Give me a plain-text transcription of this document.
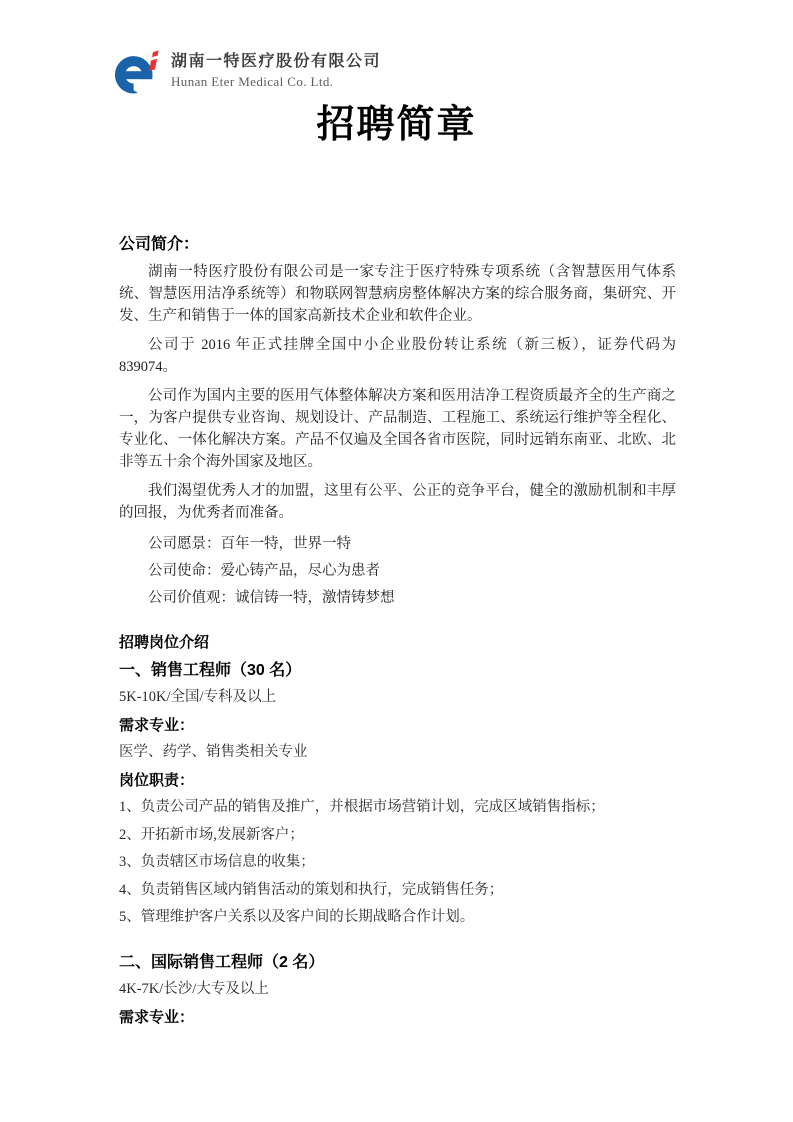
湖南一特医疗股份有限公司
Hunan Eter Medical Co. Ltd.
招聘简章
公司简介：

湖南一特医疗股份有限公司是一家专注于医疗特殊专项系统（含智慧医用气体系统、智慧医用洁净系统等）和物联网智慧病房整体解决方案的综合服务商，集研究、开发、生产和销售于一体的国家高新技术企业和软件企业。

公司于 2016 年正式挂牌全国中小企业股份转让系统（新三板），证券代码为 839074。

公司作为国内主要的医用气体整体解决方案和医用洁净工程资质最齐全的生产商之一，为客户提供专业咨询、规划设计、产品制造、工程施工、系统运行维护等全程化、专业化、一体化解决方案。产品不仅遍及全国各省市医院，同时远销东南亚、北欧、北非等五十余个海外国家及地区。

我们渴望优秀人才的加盟，这里有公平、公正的竞争平台，健全的激励机制和丰厚的回报，为优秀者而准备。

公司愿景：百年一特，世界一特
公司使命：爱心铸产品，尽心为患者
公司价值观：诚信铸一特，激情铸梦想
招聘岗位介绍
一、销售工程师（30 名）
5K-10K/全国/专科及以上
需求专业：
医学、药学、销售类相关专业
岗位职责：
1、负责公司产品的销售及推广，并根据市场营销计划，完成区域销售指标；
2、开拓新市场,发展新客户；
3、负责辖区市场信息的收集；
4、负责销售区域内销售活动的策划和执行，完成销售任务；
5、管理维护客户关系以及客户间的长期战略合作计划。
二、国际销售工程师（2 名）
4K-7K/长沙/大专及以上
需求专业：
